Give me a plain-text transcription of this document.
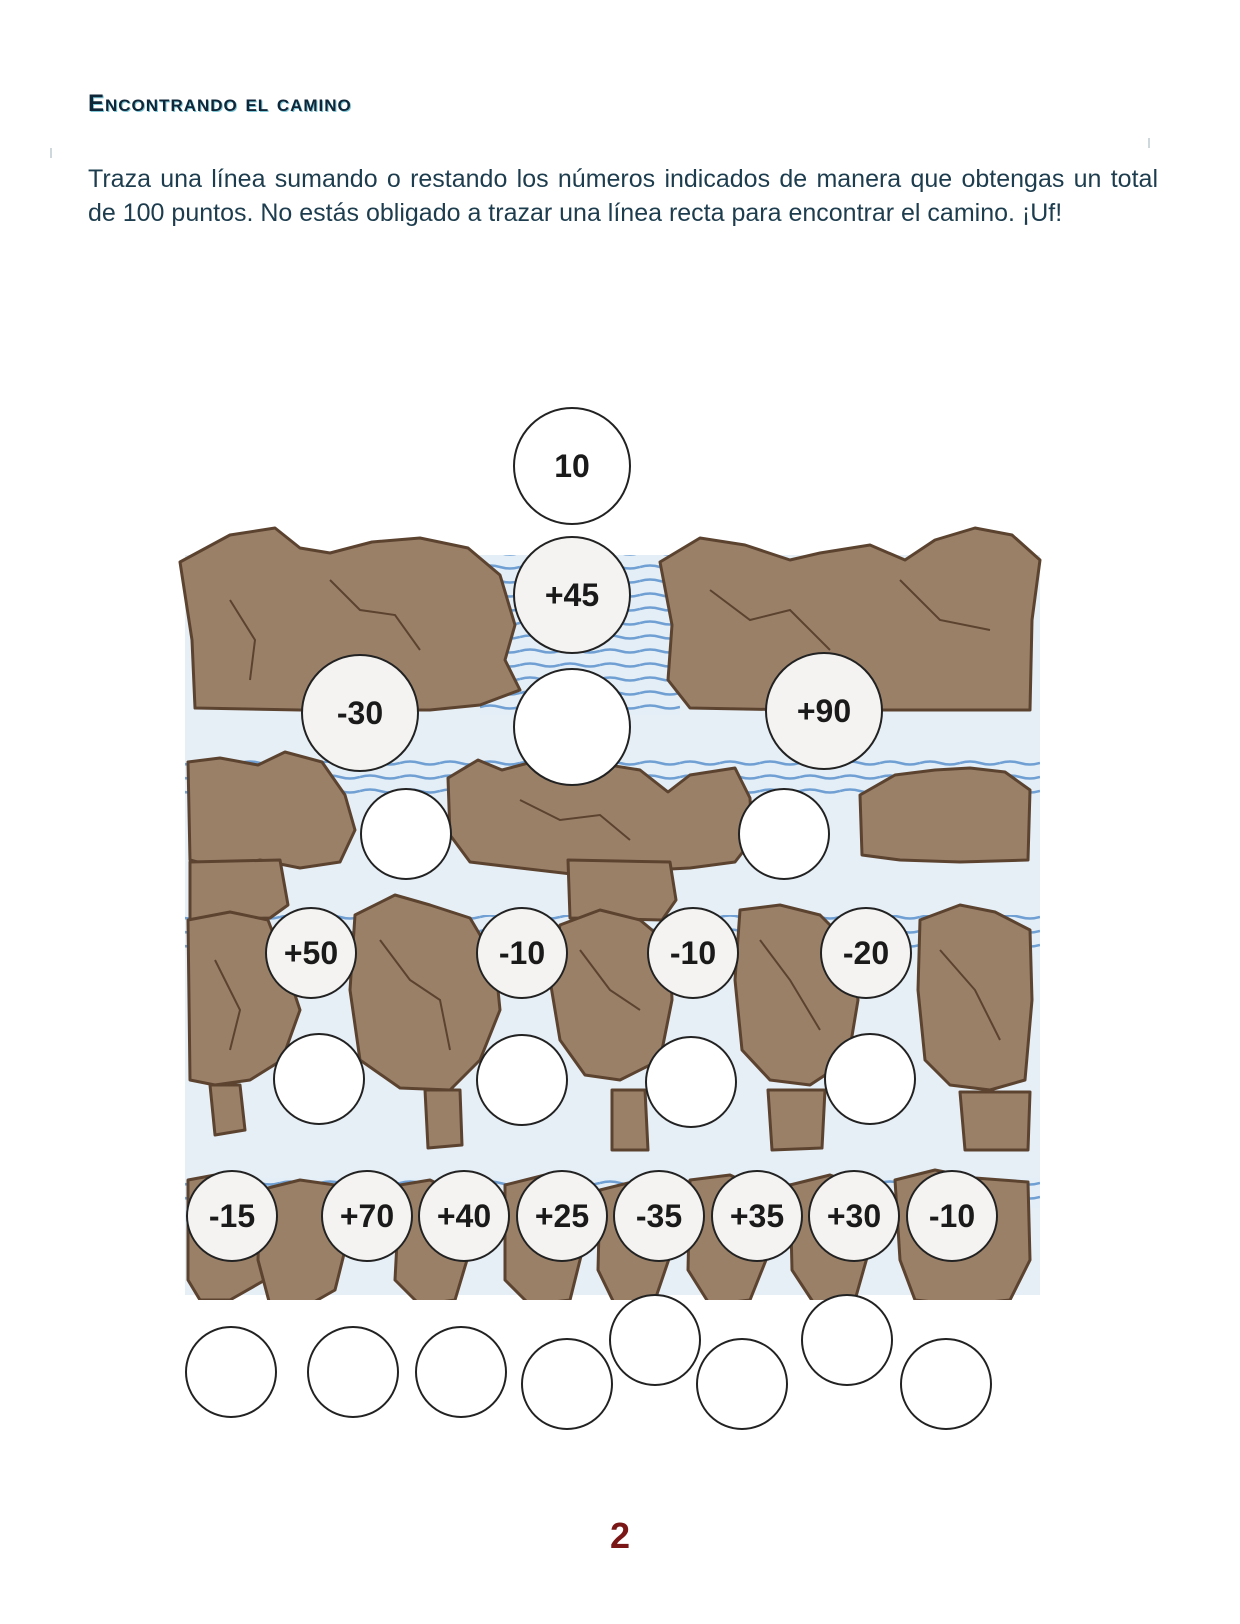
Encontrando el camino

Traza una línea sumando o restando los números indicados de manera que obtengas un total de 100 puntos. No estás obligado a trazar una línea recta para encontrar el camino. ¡Uf!

10
+45
-30	+90
+50	-10	-10	-20
-15	+70 +40 +25 -35 +35 +30 -10
2
